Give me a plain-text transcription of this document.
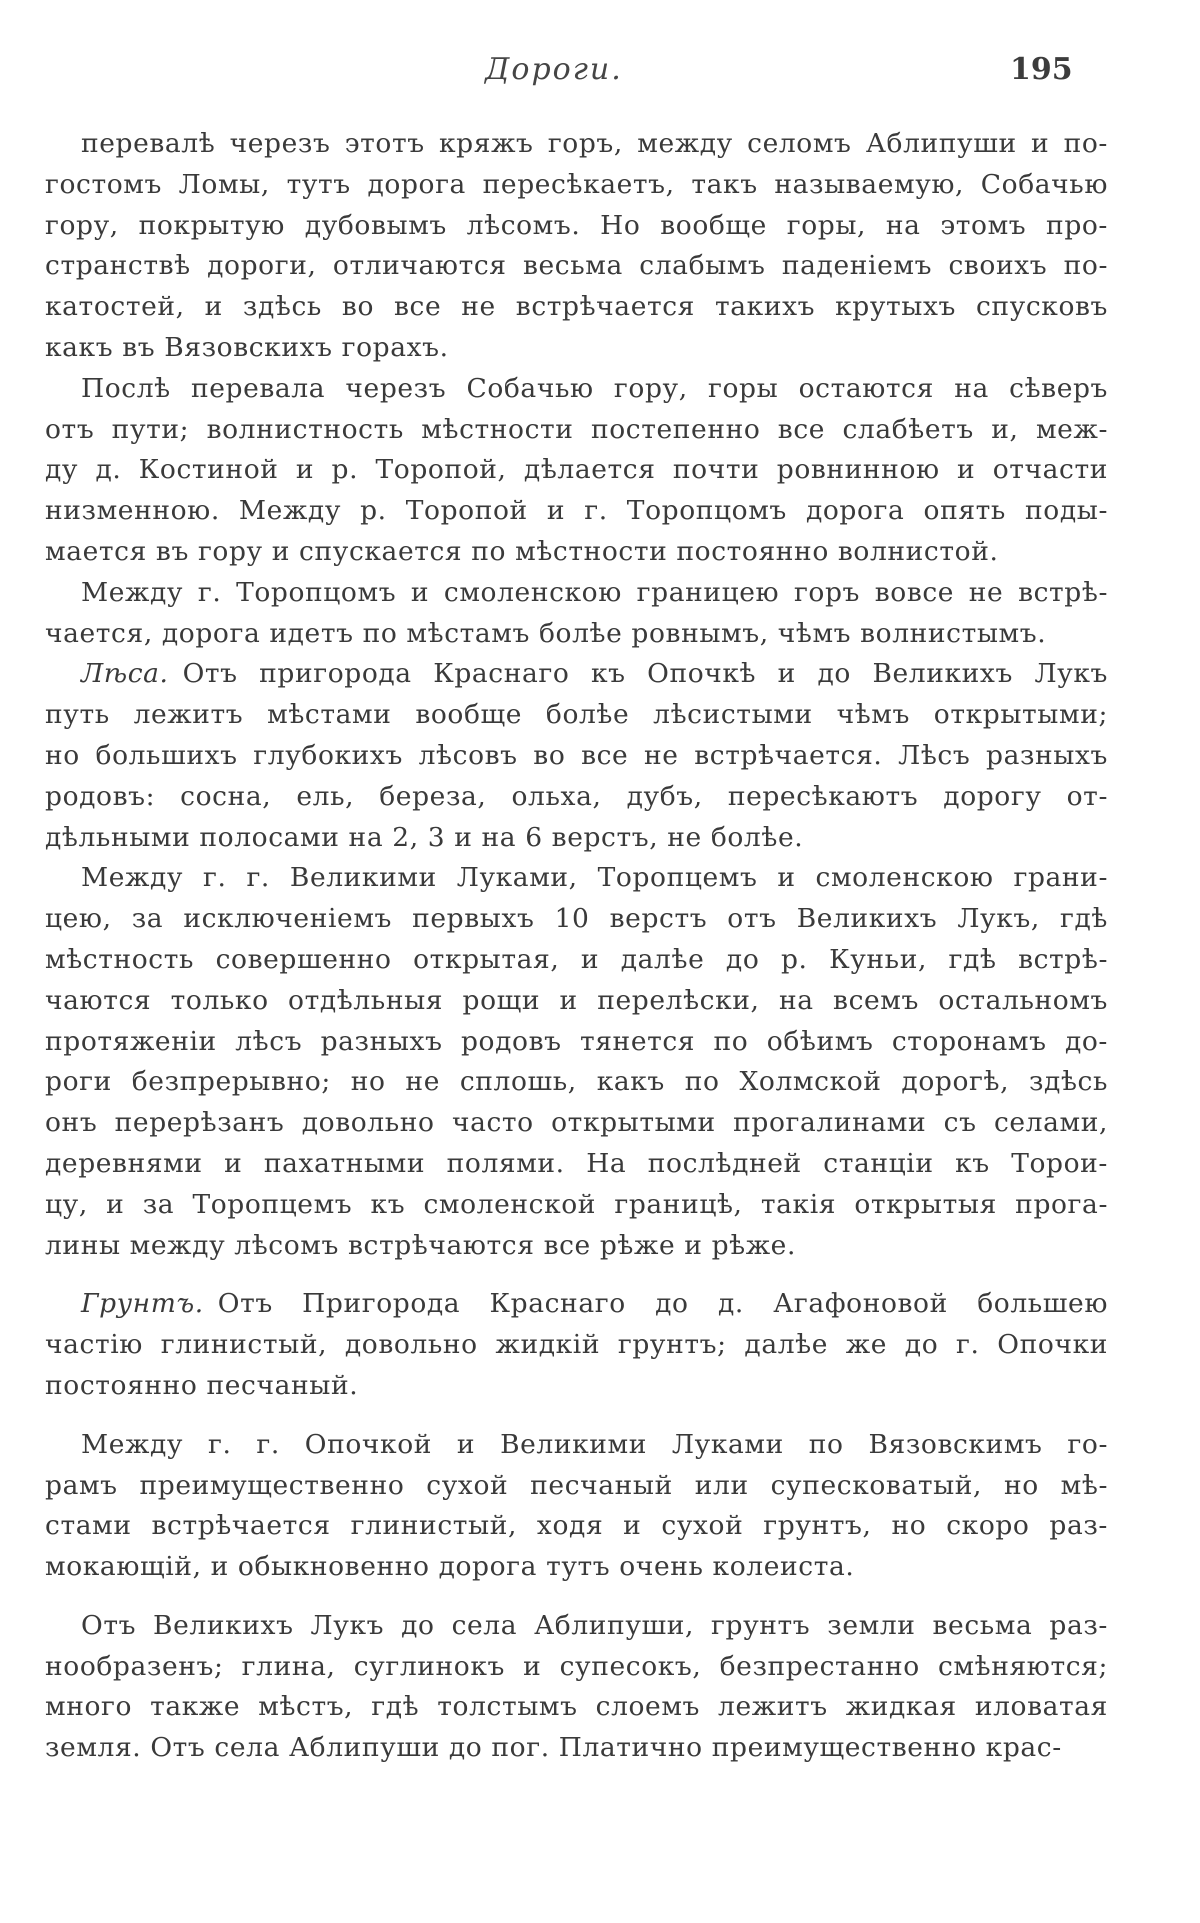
Дороги.	195
перевалѣ черезъ этотъ кряжъ горъ, между селомъ Аблипуши и по-
гостомъ Ломы, тутъ дорога пересѣкаетъ, такъ называемую, Собачью
гору, покрытую дубовымъ лѣсомъ. Но вообще горы, на этомъ про-
странствѣ дороги, отличаются весьма слабымъ паденіемъ своихъ по-
катостей, и здѣсь во все не встрѣчается такихъ крутыхъ спусковъ
какъ въ Вязовскихъ горахъ.
Послѣ перевала черезъ Собачью гору, горы остаются на сѣверъ
отъ пути; волнистность мѣстности постепенно все слабѣетъ и, меж-
ду д. Костиной и р. Торопой, дѣлается почти ровнинною и отчасти
низменною. Между р. Торопой и г. Торопцомъ дорога опять поды-
мается въ гору и спускается по мѣстности постоянно волнистой.
Между г. Торопцомъ и смоленскою границею горъ вовсе не встрѣ-
чается, дорога идетъ по мѣстамъ болѣе ровнымъ, чѣмъ волнистымъ.
Лѣса. Отъ пригорода Краснаго къ Опочкѣ и до Великихъ Лукъ
путь лежитъ мѣстами вообще болѣе лѣсистыми чѣмъ открытыми;
но большихъ глубокихъ лѣсовъ во все не встрѣчается. Лѣсъ разныхъ
родовъ: сосна, ель, береза, ольха, дубъ, пересѣкаютъ дорогу от-
дѣльными полосами на 2, 3 и на 6 верстъ, не болѣе.
Между г. г. Великими Луками, Торопцемъ и смоленскою грани-
цею, за исключеніемъ первыхъ 10 верстъ отъ Великихъ Лукъ, гдѣ
мѣстность совершенно открытая, и далѣе до р. Куньи, гдѣ встрѣ-
чаются только отдѣльныя рощи и перелѣски, на всемъ остальномъ
протяженіи лѣсъ разныхъ родовъ тянется по обѣимъ сторонамъ до-
роги безпрерывно; но не сплошь, какъ по Холмской дорогѣ, здѣсь
онъ перерѣзанъ довольно часто открытыми прогалинами съ селами,
деревнями и пахатными полями. На послѣдней станціи къ Торои-
цу, и за Торопцемъ къ смоленской границѣ, такія открытыя прога-
лины между лѣсомъ встрѣчаются все рѣже и рѣже.
Грунтъ. Отъ Пригорода Краснаго до д. Агафоновой большею
частію глинистый, довольно жидкій грунтъ; далѣе же до г. Опочки
постоянно песчаный.
Между г. г. Опочкой и Великими Луками по Вязовскимъ го-
рамъ преимущественно сухой песчаный или супесковатый, но мѣ-
стами встрѣчается глинистый, ходя и сухой грунтъ, но скоро раз-
мокающій, и обыкновенно дорога тутъ очень колеиста.
Отъ Великихъ Лукъ до села Аблипуши, грунтъ земли весьма раз-
нообразенъ; глина, суглинокъ и супесокъ, безпрестанно смѣняются;
много также мѣстъ, гдѣ толстымъ слоемъ лежитъ жидкая иловатая
земля. Отъ села Аблипуши до пог. Платично преимущественно крас-
